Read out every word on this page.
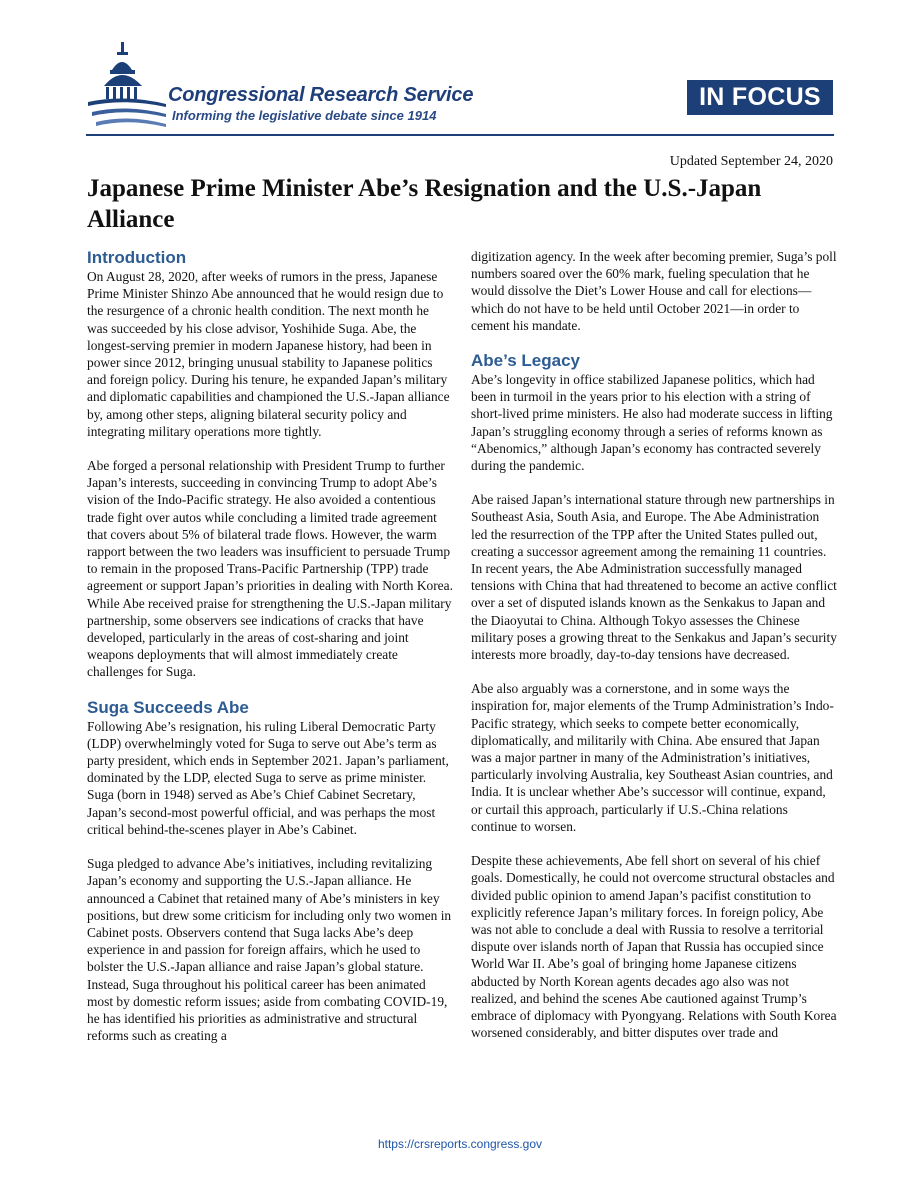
Congressional Research Service
Informing the legislative debate since 1914
IN FOCUS
Updated September 24, 2020
Japanese Prime Minister Abe’s Resignation and the U.S.-Japan Alliance
Introduction

On August 28, 2020, after weeks of rumors in the press, Japanese Prime Minister Shinzo Abe announced that he would resign due to the resurgence of a chronic health condition. The next month he was succeeded by his close advisor, Yoshihide Suga. Abe, the longest-serving premier in modern Japanese history, had been in power since 2012, bringing unusual stability to Japanese politics and foreign policy. During his tenure, he expanded Japan’s military and diplomatic capabilities and championed the U.S.-Japan alliance by, among other steps, aligning bilateral security policy and integrating military operations more tightly.

Abe forged a personal relationship with President Trump to further Japan’s interests, succeeding in convincing Trump to adopt Abe’s vision of the Indo-Pacific strategy. He also avoided a contentious trade fight over autos while concluding a limited trade agreement that covers about 5% of bilateral trade flows. However, the warm rapport between the two leaders was insufficient to persuade Trump to remain in the proposed Trans-Pacific Partnership (TPP) trade agreement or support Japan’s priorities in dealing with North Korea. While Abe received praise for strengthening the U.S.-Japan military partnership, some observers see indications of cracks that have developed, particularly in the areas of cost-sharing and joint weapons deployments that will almost immediately create challenges for Suga.

Suga Succeeds Abe

Following Abe’s resignation, his ruling Liberal Democratic Party (LDP) overwhelmingly voted for Suga to serve out Abe’s term as party president, which ends in September 2021. Japan’s parliament, dominated by the LDP, elected Suga to serve as prime minister. Suga (born in 1948) served as Abe’s Chief Cabinet Secretary, Japan’s second-most powerful official, and was perhaps the most critical behind-the-scenes player in Abe’s Cabinet.

Suga pledged to advance Abe’s initiatives, including revitalizing Japan’s economy and supporting the U.S.-Japan alliance. He announced a Cabinet that retained many of Abe’s ministers in key positions, but drew some criticism for including only two women in Cabinet posts. Observers contend that Suga lacks Abe’s deep experience in and passion for foreign affairs, which he used to bolster the U.S.-Japan alliance and raise Japan’s global stature. Instead, Suga throughout his political career has been animated most by domestic reform issues; aside from combating COVID-19, he has identified his priorities as administrative and structural reforms such as creating a

digitization agency. In the week after becoming premier, Suga’s poll numbers soared over the 60% mark, fueling speculation that he would dissolve the Diet’s Lower House and call for elections—which do not have to be held until October 2021—in order to cement his mandate.

Abe’s Legacy

Abe’s longevity in office stabilized Japanese politics, which had been in turmoil in the years prior to his election with a string of short-lived prime ministers. He also had moderate success in lifting Japan’s struggling economy through a series of reforms known as “Abenomics,” although Japan’s economy has contracted severely during the pandemic.

Abe raised Japan’s international stature through new partnerships in Southeast Asia, South Asia, and Europe. The Abe Administration led the resurrection of the TPP after the United States pulled out, creating a successor agreement among the remaining 11 countries. In recent years, the Abe Administration successfully managed tensions with China that had threatened to become an active conflict over a set of disputed islands known as the Senkakus to Japan and the Diaoyutai to China. Although Tokyo assesses the Chinese military poses a growing threat to the Senkakus and Japan’s security interests more broadly, day-to-day tensions have decreased.

Abe also arguably was a cornerstone, and in some ways the inspiration for, major elements of the Trump Administration’s Indo-Pacific strategy, which seeks to compete better economically, diplomatically, and militarily with China. Abe ensured that Japan was a major partner in many of the Administration’s initiatives, particularly involving Australia, key Southeast Asian countries, and India. It is unclear whether Abe’s successor will continue, expand, or curtail this approach, particularly if U.S.-China relations continue to worsen.

Despite these achievements, Abe fell short on several of his chief goals. Domestically, he could not overcome structural obstacles and divided public opinion to amend Japan’s pacifist constitution to explicitly reference Japan’s military forces. In foreign policy, Abe was not able to conclude a deal with Russia to resolve a territorial dispute over islands north of Japan that Russia has occupied since World War II. Abe’s goal of bringing home Japanese citizens abducted by North Korean agents decades ago also was not realized, and behind the scenes Abe cautioned against Trump’s embrace of diplomacy with Pyongyang. Relations with South Korea worsened considerably, and bitter disputes over trade and

https://crsreports.congress.gov
